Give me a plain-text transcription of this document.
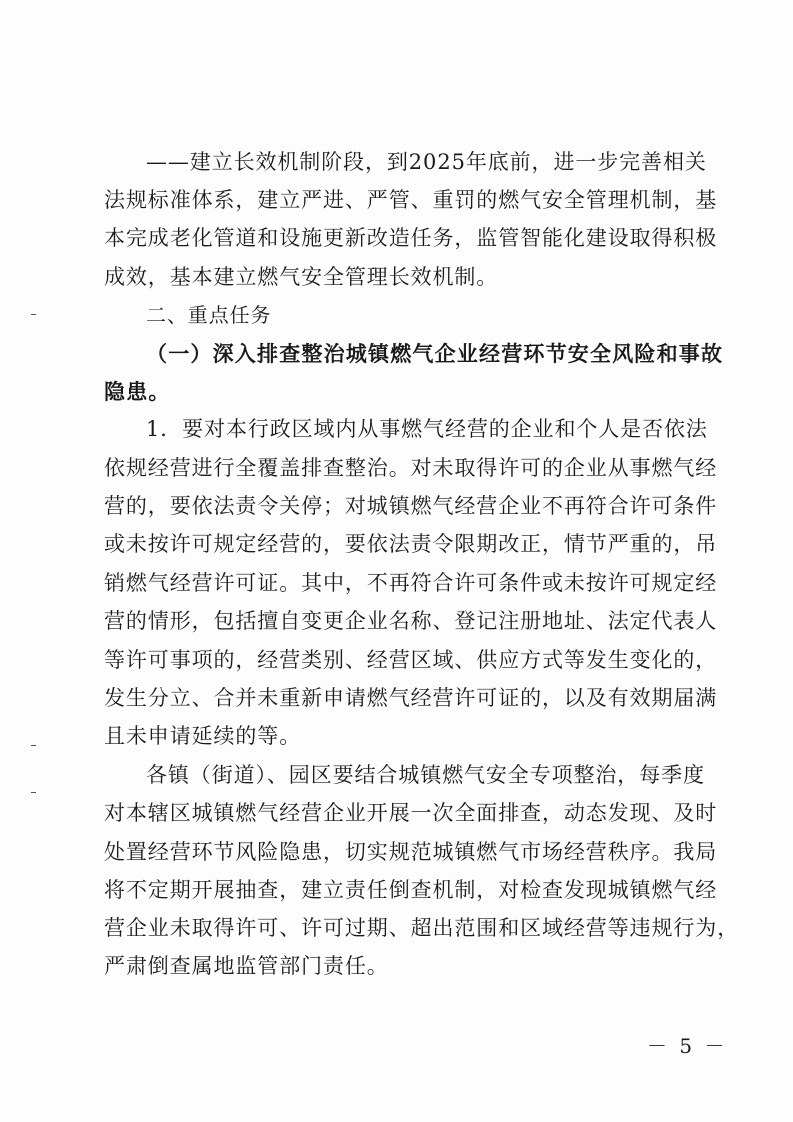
——建立长效机制阶段，到2025年底前，进一步完善相关
法规标准体系，建立严进、严管、重罚的燃气安全管理机制，基
本完成老化管道和设施更新改造任务，监管智能化建设取得积极
成效，基本建立燃气安全管理长效机制。
二、重点任务
（一）深入排查整治城镇燃气企业经营环节安全风险和事故
隐患。
1．要对本行政区域内从事燃气经营的企业和个人是否依法
依规经营进行全覆盖排查整治。对未取得许可的企业从事燃气经
营的，要依法责令关停；对城镇燃气经营企业不再符合许可条件
或未按许可规定经营的，要依法责令限期改正，情节严重的，吊
销燃气经营许可证。其中，不再符合许可条件或未按许可规定经
营的情形，包括擅自变更企业名称、登记注册地址、法定代表人
等许可事项的，经营类别、经营区域、供应方式等发生变化的，
发生分立、合并未重新申请燃气经营许可证的，以及有效期届满
且未申请延续的等。
各镇（街道）、园区要结合城镇燃气安全专项整治，每季度
对本辖区城镇燃气经营企业开展一次全面排查，动态发现、及时
处置经营环节风险隐患，切实规范城镇燃气市场经营秩序。我局
将不定期开展抽查，建立责任倒查机制，对检查发现城镇燃气经
营企业未取得许可、许可过期、超出范围和区域经营等违规行为，
严肃倒查属地监管部门责任。
－ 5 －
